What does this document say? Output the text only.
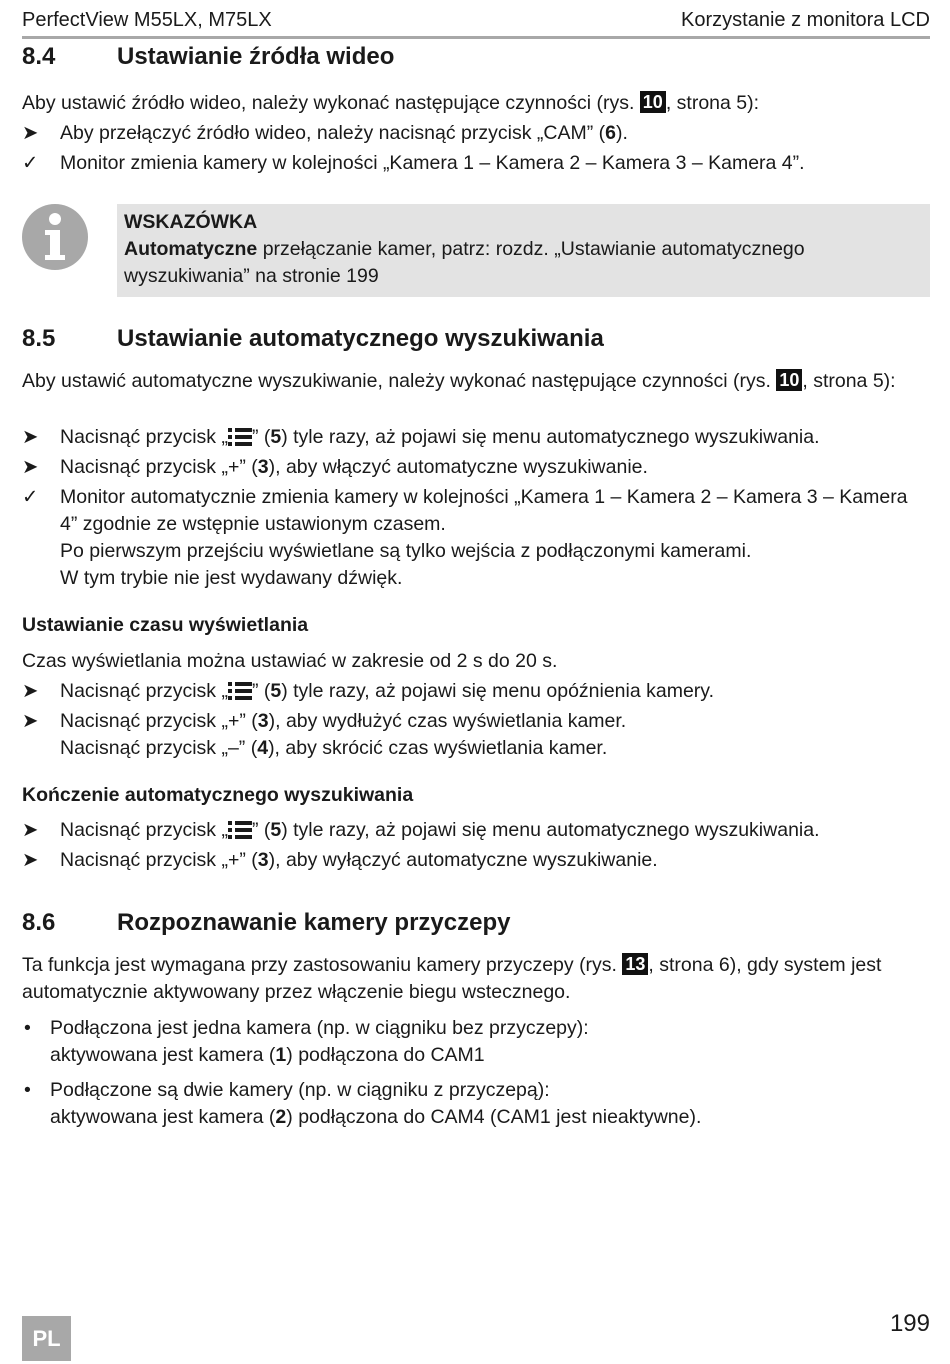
PerfectView M55LX, M75LX	Korzystanie z monitora LCD
8.4	Ustawianie źródła wideo
Aby ustawić źródło wideo, należy wykonać następujące czynności (rys. 10 , strona 5):
➤	Aby przełączyć źródło wideo, należy nacisnąć przycisk „CAM” (6).
✓	Monitor zmienia kamery w kolejności „Kamera 1 – Kamera 2 – Kamera 3 – Kamera 4”.
WSKAZÓWKA
Automatyczne przełączanie kamer, patrz: rozdz. „Ustawianie automatycznego wyszukiwania” na stronie 199
8.5	Ustawianie automatycznego wyszukiwania
Aby ustawić automatyczne wyszukiwanie, należy wykonać następujące czynności (rys. 10 , strona 5):
➤	Nacisnąć przycisk „ ” (5) tyle razy, aż pojawi się menu automatycznego wyszukiwania.
➤	Nacisnąć przycisk „+” (3), aby włączyć automatyczne wyszukiwanie.
✓	Monitor automatycznie zmienia kamery w kolejności „Kamera 1 – Kamera 2 – Kamera 3 – Kamera 4” zgodnie ze wstępnie ustawionym czasem.
Po pierwszym przejściu wyświetlane są tylko wejścia z podłączonymi kamerami.
W tym trybie nie jest wydawany dźwięk.
Ustawianie czasu wyświetlania
Czas wyświetlania można ustawiać w zakresie od 2 s do 20 s.
➤	Nacisnąć przycisk „ ” (5) tyle razy, aż pojawi się menu opóźnienia kamery.
➤	Nacisnąć przycisk „+” (3), aby wydłużyć czas wyświetlania kamer.
Nacisnąć przycisk „–” (4), aby skrócić czas wyświetlania kamer.
Kończenie automatycznego wyszukiwania
➤	Nacisnąć przycisk „ ” (5) tyle razy, aż pojawi się menu automatycznego wyszukiwania.
➤	Nacisnąć przycisk „+” (3), aby wyłączyć automatyczne wyszukiwanie.
8.6	Rozpoznawanie kamery przyczepy
Ta funkcja jest wymagana przy zastosowaniu kamery przyczepy (rys. 13 , strona 6), gdy system jest automatycznie aktywowany przez włączenie biegu wstecznego.
• Podłączona jest jedna kamera (np. w ciągniku bez przyczepy):
aktywowana jest kamera (1) podłączona do CAM1
• Podłączone są dwie kamery (np. w ciągniku z przyczepą):
aktywowana jest kamera (2) podłączona do CAM4 (CAM1 jest nieaktywne).
PL
199
